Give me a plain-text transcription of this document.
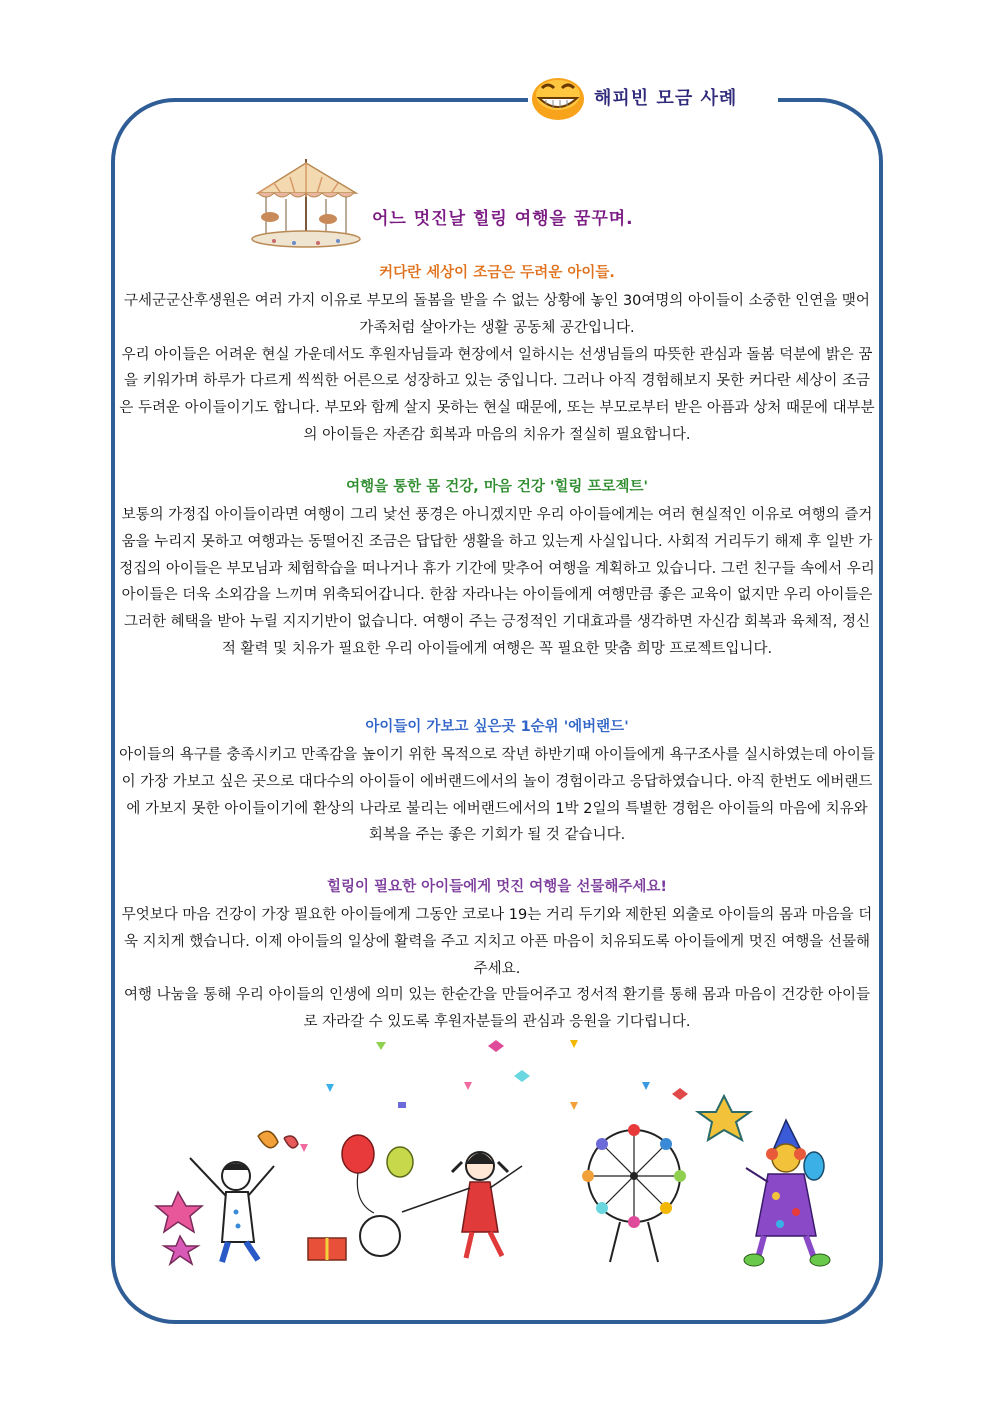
해피빈 모금 사례
어느 멋진날 힐링 여행을 꿈꾸며.
커다란 세상이 조금은 두려운 아이들.

구세군군산후생원은 여러 가지 이유로 부모의 돌봄을 받을 수 없는 상황에 놓인 30여명의 아이들이 소중한 인연을 맺어 가족처럼 살아가는 생활 공동체 공간입니다.

우리 아이들은 어려운 현실 가운데서도 후원자님들과 현장에서 일하시는 선생님들의 따뜻한 관심과 돌봄 덕분에 밝은 꿈을 키워가며 하루가 다르게 씩씩한 어른으로 성장하고 있는 중입니다. 그러나 아직 경험해보지 못한 커다란 세상이 조금은 두려운 아이들이기도 합니다. 부모와 함께 살지 못하는 현실 때문에, 또는 부모로부터 받은 아픔과 상처 때문에 대부분의 아이들은 자존감 회복과 마음의 치유가 절실히 필요합니다.

여행을 통한 몸 건강, 마음 건강 '힐링 프로젝트'

보통의 가정집 아이들이라면 여행이 그리 낯선 풍경은 아니겠지만 우리 아이들에게는 여러 현실적인 이유로 여행의 즐거움을 누리지 못하고 여행과는 동떨어진 조금은 답답한 생활을 하고 있는게 사실입니다. 사회적 거리두기 해제 후 일반 가정집의 아이들은 부모님과 체험학습을 떠나거나 휴가 기간에 맞추어 여행을 계획하고 있습니다. 그런 친구들 속에서 우리 아이들은 더욱 소외감을 느끼며 위축되어갑니다. 한참 자라나는 아이들에게 여행만큼 좋은 교육이 없지만 우리 아이들은 그러한 혜택을 받아 누릴 지지기반이 없습니다. 여행이 주는 긍정적인 기대효과를 생각하면 자신감 회복과 육체적, 정신적 활력 및 치유가 필요한 우리 아이들에게 여행은 꼭 필요한 맞춤 희망 프로젝트입니다.

아이들이 가보고 싶은곳 1순위 '에버랜드'

아이들의 욕구를 충족시키고 만족감을 높이기 위한 목적으로 작년 하반기때 아이들에게 욕구조사를 실시하였는데 아이들이 가장 가보고 싶은 곳으로 대다수의 아이들이 에버랜드에서의 놀이 경험이라고 응답하였습니다. 아직 한번도 에버랜드에 가보지 못한 아이들이기에 환상의 나라로 불리는 에버랜드에서의 1박 2일의 특별한 경험은 아이들의 마음에 치유와 회복을 주는 좋은 기회가 될 것 같습니다.

힐링이 필요한 아이들에게 멋진 여행을 선물해주세요!

무엇보다 마음 건강이 가장 필요한 아이들에게 그동안 코로나 19는 거리 두기와 제한된 외출로 아이들의 몸과 마음을 더욱 지치게 했습니다. 이제 아이들의 일상에 활력을 주고 지치고 아픈 마음이 치유되도록 아이들에게 멋진 여행을 선물해주세요.

여행 나눔을 통해 우리 아이들의 인생에 의미 있는 한순간을 만들어주고 정서적 환기를 통해 몸과 마음이 건강한 아이들로 자라갈 수 있도록 후원자분들의 관심과 응원을 기다립니다.
